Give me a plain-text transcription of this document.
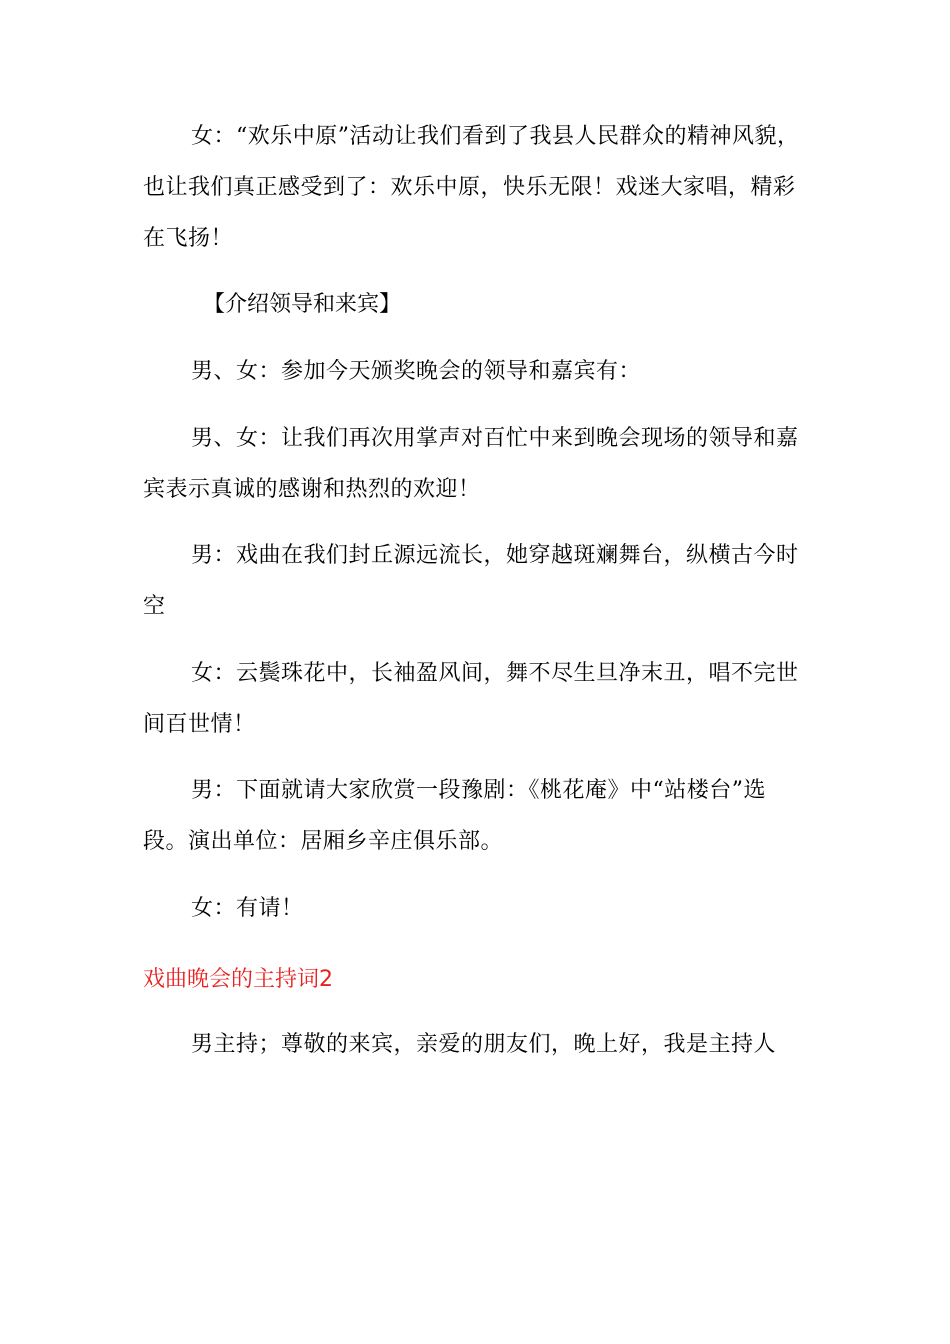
女：“欢乐中原”活动让我们看到了我县人民群众的精神风貌，也让我们真正感受到了：欢乐中原，快乐无限！戏迷大家唱，精彩在飞扬！

【介绍领导和来宾】

男、女：参加今天颁奖晚会的领导和嘉宾有：

男、女：让我们再次用掌声对百忙中来到晚会现场的领导和嘉宾表示真诚的感谢和热烈的欢迎！

男：戏曲在我们封丘源远流长，她穿越斑斓舞台，纵横古今时空

女：云鬓珠花中，长袖盈风间，舞不尽生旦净末丑，唱不完世间百世情！

男：下面就请大家欣赏一段豫剧：《桃花庵》中“站楼台”选段。演出单位：居厢乡辛庄俱乐部。

女：有请！

戏曲晚会的主持词2

男主持；尊敬的来宾，亲爱的朋友们，晚上好，我是主持人
